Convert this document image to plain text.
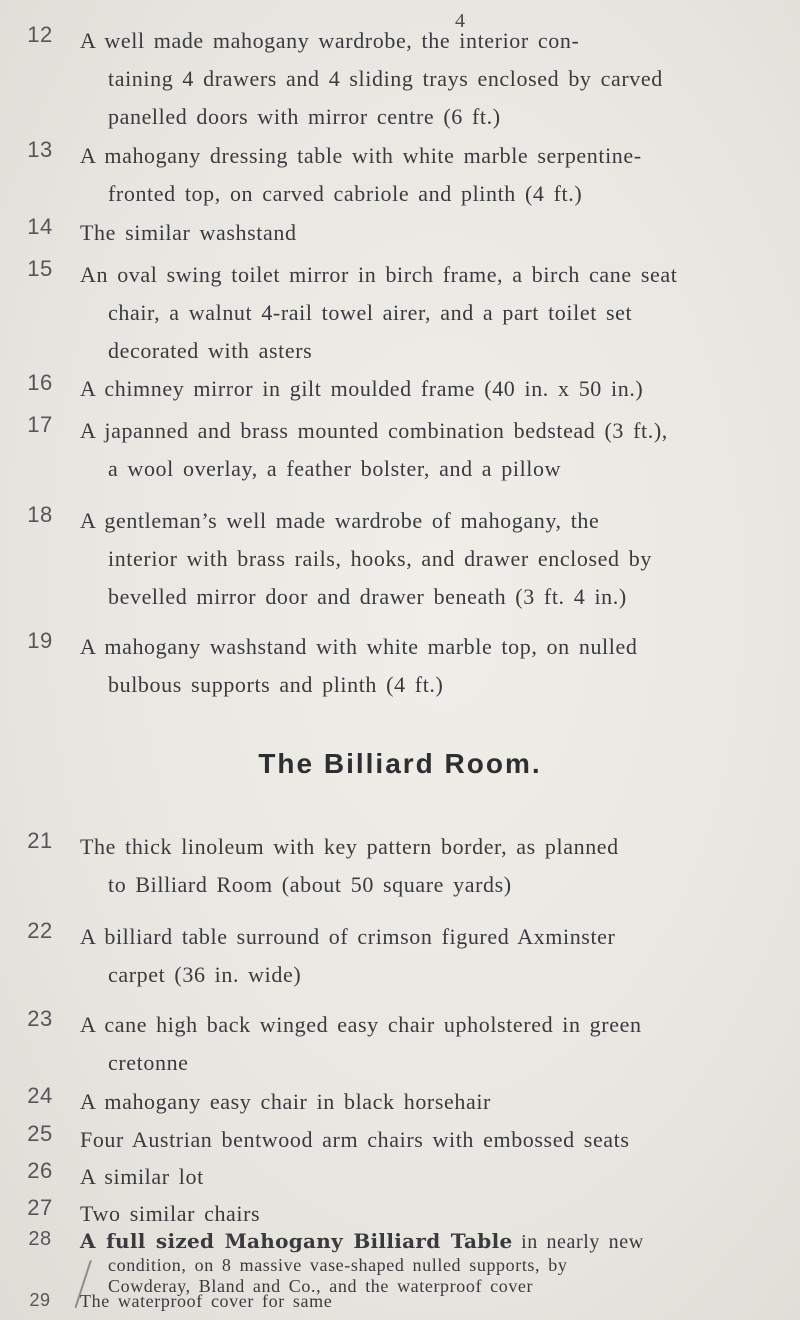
4
12	A well made mahogany wardrobe, the interior con-
taining 4 drawers and 4 sliding trays enclosed by carved
panelled doors with mirror centre (6 ft.)
13	A mahogany dressing table with white marble serpentine-
fronted top, on carved cabriole and plinth (4 ft.)
14	The similar washstand
15	An oval swing toilet mirror in birch frame, a birch cane seat
chair, a walnut 4-rail towel airer, and a part toilet set
decorated with asters
16	A chimney mirror in gilt moulded frame (40 in. x 50 in.)
17	A japanned and brass mounted combination bedstead (3 ft.),
a wool overlay, a feather bolster, and a pillow
18	A gentleman’s well made wardrobe of mahogany, the
interior with brass rails, hooks, and drawer enclosed by
bevelled mirror door and drawer beneath (3 ft. 4 in.)
19	A mahogany washstand with white marble top, on nulled
bulbous supports and plinth (4 ft.)
The Billiard Room.
21	The thick linoleum with key pattern border, as planned
to Billiard Room (about 50 square yards)
22	A billiard table surround of crimson figured Axminster
carpet (36 in. wide)
23	A cane high back winged easy chair upholstered in green
cretonne
24	A mahogany easy chair in black horsehair
25	Four Austrian bentwood arm chairs with embossed seats
26	A similar lot
27	Two similar chairs
28	A full sized Mahogany Billiard Table in nearly new
condition, on 8 massive vase-shaped nulled supports, by
Cowderay, Bland and Co., and the waterproof cover
29	The waterproof cover for same
